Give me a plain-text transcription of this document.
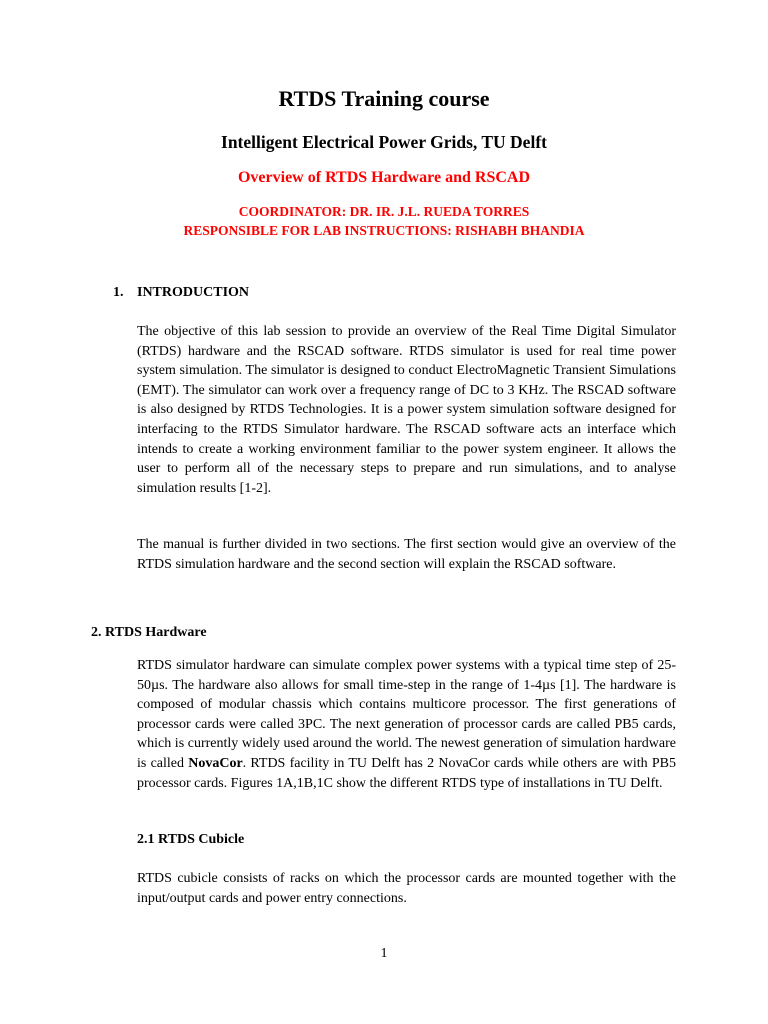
RTDS Training course
Intelligent Electrical Power Grids, TU Delft
Overview of RTDS Hardware and RSCAD
COORDINATOR: DR. IR. J.L. RUEDA TORRES
RESPONSIBLE FOR LAB INSTRUCTIONS: RISHABH BHANDIA

1. INTRODUCTION

The objective of this lab session to provide an overview of the Real Time Digital Simulator (RTDS) hardware and the RSCAD software. RTDS simulator is used for real time power system simulation. The simulator is designed to conduct ElectroMagnetic Transient Simulations (EMT). The simulator can work over a frequency range of DC to 3 KHz. The RSCAD software is also designed by RTDS Technologies. It is a power system simulation software designed for interfacing to the RTDS Simulator hardware. The RSCAD software acts an interface which intends to create a working environment familiar to the power system engineer. It allows the user to perform all of the necessary steps to prepare and run simulations, and to analyse simulation results [1-2].

The manual is further divided in two sections. The first section would give an overview of the RTDS simulation hardware and the second section will explain the RSCAD software.

2. RTDS Hardware

RTDS simulator hardware can simulate complex power systems with a typical time step of 25-50µs. The hardware also allows for small time-step in the range of 1-4µs [1]. The hardware is composed of modular chassis which contains multicore processor. The first generations of processor cards were called 3PC. The next generation of processor cards are called PB5 cards, which is currently widely used around the world. The newest generation of simulation hardware is called NovaCor. RTDS facility in TU Delft has 2 NovaCor cards while others are with PB5 processor cards. Figures 1A,1B,1C show the different RTDS type of installations in TU Delft.

2.1 RTDS Cubicle

RTDS cubicle consists of racks on which the processor cards are mounted together with the input/output cards and power entry connections.

1
